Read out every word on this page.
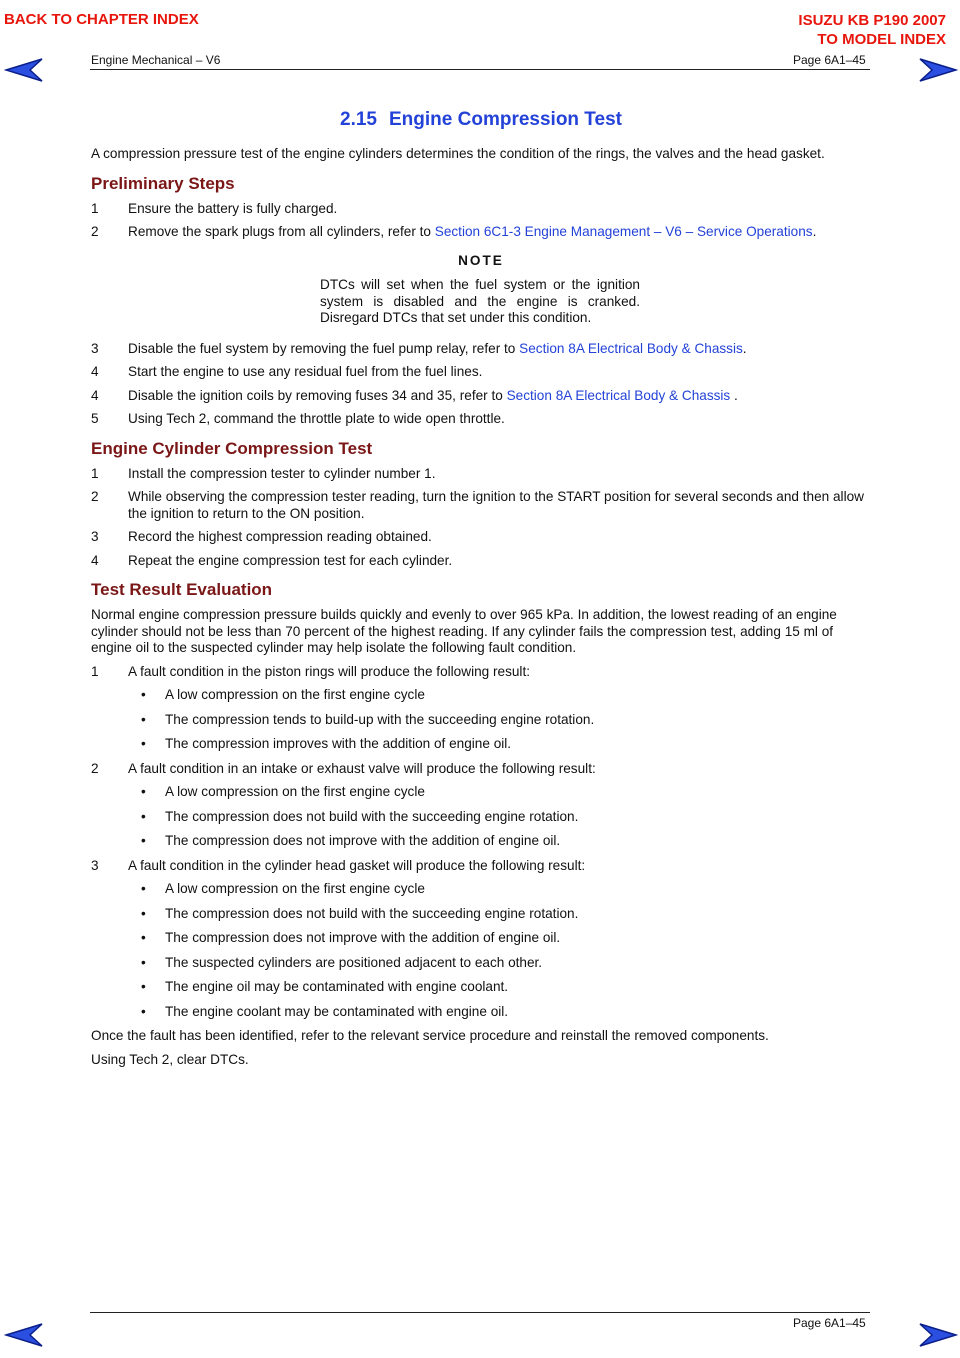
BACK TO CHAPTER INDEX	ISUZU KB P190 2007
TO MODEL INDEX
Engine Mechanical – V6	Page 6A1–45
2.15 Engine Compression Test

A compression pressure test of the engine cylinders determines the condition of the rings, the valves and the head gasket.

Preliminary Steps
1	Ensure the battery is fully charged.
2	Remove the spark plugs from all cylinders, refer to Section 6C1-3 Engine Management – V6 – Service Operations.
NOTE
DTCs will set when the fuel system or the ignition system is disabled and the engine is cranked. Disregard DTCs that set under this condition.
3	Disable the fuel system by removing the fuel pump relay, refer to Section 8A Electrical Body & Chassis.
4	Start the engine to use any residual fuel from the fuel lines.
4	Disable the ignition coils by removing fuses 34 and 35, refer to Section 8A Electrical Body & Chassis .
5	Using Tech 2, command the throttle plate to wide open throttle.
Engine Cylinder Compression Test
1	Install the compression tester to cylinder number 1.
2	While observing the compression tester reading, turn the ignition to the START position for several seconds and then allow the ignition to return to the ON position.
3	Record the highest compression reading obtained.
4	Repeat the engine compression test for each cylinder.
Test Result Evaluation

Normal engine compression pressure builds quickly and evenly to over 965 kPa. In addition, the lowest reading of an engine cylinder should not be less than 70 percent of the highest reading. If any cylinder fails the compression test, adding 15 ml of engine oil to the suspected cylinder may help isolate the following fault condition.

1	A fault condition in the piston rings will produce the following result:
•	A low compression on the first engine cycle
•	The compression tends to build-up with the succeeding engine rotation.
•	The compression improves with the addition of engine oil.
2	A fault condition in an intake or exhaust valve will produce the following result:
•	A low compression on the first engine cycle
•	The compression does not build with the succeeding engine rotation.
•	The compression does not improve with the addition of engine oil.
3	A fault condition in the cylinder head gasket will produce the following result:
•	A low compression on the first engine cycle
•	The compression does not build with the succeeding engine rotation.
•	The compression does not improve with the addition of engine oil.
•	The suspected cylinders are positioned adjacent to each other.
•	The engine oil may be contaminated with engine coolant.
•	The engine coolant may be contaminated with engine oil.

Once the fault has been identified, refer to the relevant service procedure and reinstall the removed components.

Using Tech 2, clear DTCs.

Page 6A1–45
